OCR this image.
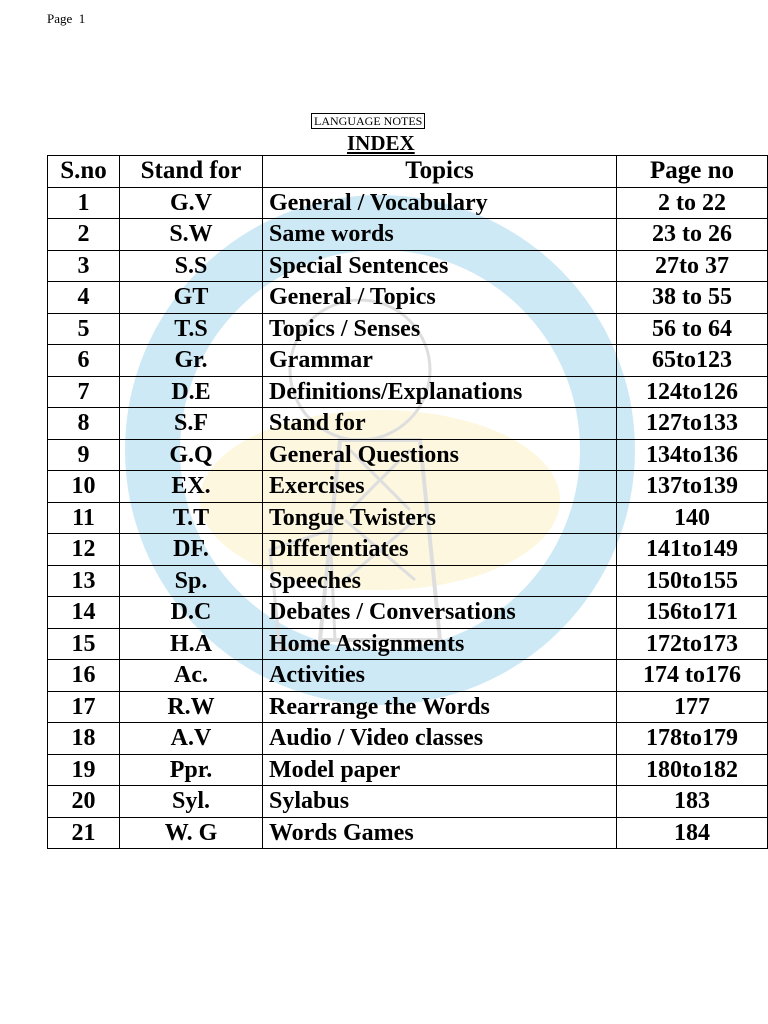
Page  1
LANGUAGE NOTES
INDEX
S.no	Stand for	Topics	Page no
1	G.V	General / Vocabulary	2 to 22
2	S.W	Same words	23 to 26
3	S.S	Special Sentences	27to 37
4	GT	General / Topics	38 to 55
5	T.S	Topics / Senses	56 to 64
6	Gr.	Grammar	65to123
7	D.E	Definitions/Explanations	124to126
8	S.F	Stand for	127to133
9	G.Q	General Questions	134to136
10	EX.	Exercises	137to139
11	T.T	Tongue Twisters	140
12	DF.	Differentiates	141to149
13	Sp.	Speeches	150to155
14	D.C	Debates / Conversations	156to171
15	H.A	Home Assignments	172to173
16	Ac.	Activities	174 to176
17	R.W	Rearrange the Words	177
18	A.V	Audio / Video classes	178to179
19	Ppr.	Model paper	180to182
20	Syl.	Sylabus	183
21	W. G	Words Games	184
